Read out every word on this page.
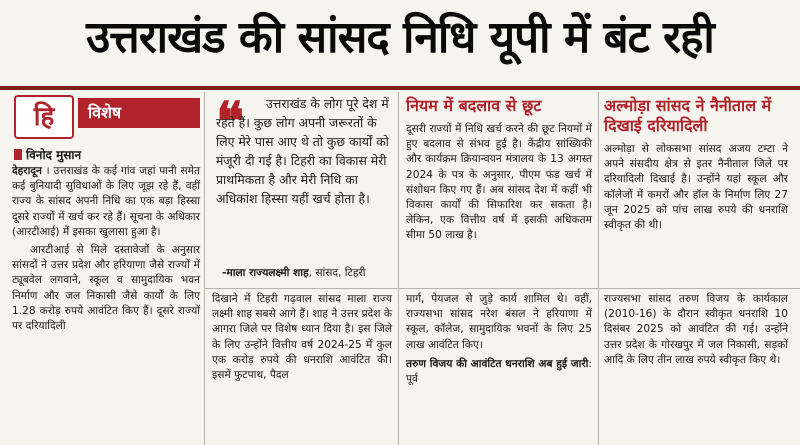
उत्तराखंड की सांसद निधि यूपी में बंट रही
हि	विशेष
विनोद मुसान

देहरादून । उत्तराखंड के कई गांव जहां पानी समेत कई बुनियादी सुविधाओं के लिए जूझ रहे हैं, वहीं राज्य के सांसद अपनी निधि का एक बड़ा हिस्सा दूसरे राज्यों में खर्च कर रहे हैं। सूचना के अधिकार (आरटीआई) में इसका खुलासा हुआ है।

आरटीआई से मिले दस्तावेजों के अनुसार सांसदों ने उत्तर प्रदेश और हरियाणा जैसे राज्यों में ट्यूबवेल लगवाने, स्कूल व सामुदायिक भवन निर्माण और जल निकासी जैसे कार्यों के लिए 1.28 करोड़ रुपये आवंटित किए हैं। दूसरे राज्यों पर दरियादिली

❝	उत्तराखंड के लोग पूरे देश में रहते हैं। कुछ लोग अपनी जरूरतों के लिए मेरे पास आए थे तो कुछ कार्यों को मंजूरी दी गई है। टिहरी का विकास मेरी प्राथमिकता है और मेरी निधि का अधिकांश हिस्सा यहीं खर्च होता है।
-माला राज्यलक्ष्मी शाह, सांसद, टिहरी

दिखाने में टिहरी गढ़वाल सांसद माला राज्य लक्ष्मी शाह सबसे आगे हैं। शाह ने उत्तर प्रदेश के आगरा जिले पर विशेष ध्यान दिया है। इस जिले के लिए उन्होंने वित्तीय वर्ष 2024-25 में कुल एक करोड़ रुपये की धनराशि आवंटित की। इसमें फुटपाथ, पैदल

नियम में बदलाव से छूट

दूसरी राज्यों में निधि खर्च करने की छूट नियमों में हुए बदलाव से संभव हुई है। केंद्रीय सांख्यिकी और कार्यक्रम क्रियान्वयन मंत्रालय के 13 अगस्त 2024 के पत्र के अनुसार, पीएम फंड खर्च में संशोधन किए गए हैं। अब सांसद देश में कहीं भी विकास कार्यों की सिफारिश कर सकता है। लेकिन, एक वित्तीय वर्ष में इसकी अधिकतम सीमा 50 लाख है।

मार्ग, पेयजल से जुड़े कार्य शामिल थे। वहीं, राज्यसभा सांसद नरेश बंसल ने हरियाणा में स्कूल, कॉलेज, सामुदायिक भवनों के लिए 25 लाख आवंटित किए।

तरुण विजय की आवंटित धनराशि अब हुई जारी: पूर्व

अल्मोड़ा सांसद ने नैनीताल में दिखाई दरियादिली

अल्मोड़ा से लोकसभा सांसद अजय टम्टा ने अपने संसदीय क्षेत्र से इतर नैनीताल जिले पर दरियादिली दिखाई है। उन्होंने यहां स्कूल और कॉलेजों में कमरों और हॉल के निर्माण लिए 27 जून 2025 को पांच लाख रुपये की धनराशि स्वीकृत की थी।

राज्यसभा सांसद तरुण विजय के कार्यकाल (2010-16) के दौरान स्वीकृत धनराशि 10 दिसंबर 2025 को आवंटित की गई। उन्होंने उत्तर प्रदेश के गोरखपुर में जल निकासी, सड़कों आदि के लिए तीन लाख रुपये स्वीकृत किए थे।
